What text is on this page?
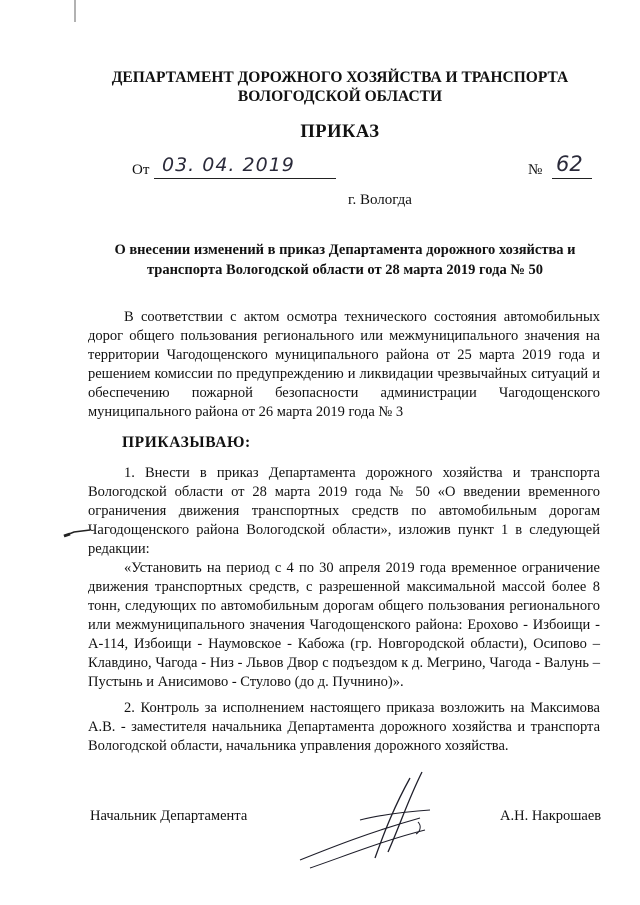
ДЕПАРТАМЕНТ ДОРОЖНОГО ХОЗЯЙСТВА И ТРАНСПОРТА
ВОЛОГОДСКОЙ ОБЛАСТИ
ПРИКАЗ
От 03. 04. 2019	№ 62
г. Вологда
О внесении изменений в приказ Департамента дорожного хозяйства и
транспорта Вологодской области от 28 марта 2019 года № 50
В соответствии с актом осмотра технического состояния автомобильных дорог общего пользования регионального или межмуниципального значения на территории Чагодощенского муниципального района от 25 марта 2019 года и решением комиссии по предупреждению и ликвидации чрезвычайных ситуаций и обеспечению пожарной безопасности администрации Чагодощенского муниципального района от 26 марта 2019 года № 3
ПРИКАЗЫВАЮ:
1. Внести в приказ Департамента дорожного хозяйства и транспорта Вологодской области от 28 марта 2019 года № 50 «О введении временного ограничения движения транспортных средств по автомобильным дорогам Чагодощенского района Вологодской области», изложив пункт 1 в следующей редакции:
«Установить на период с 4 по 30 апреля 2019 года временное ограничение движения транспортных средств, с разрешенной максимальной массой более 8 тонн, следующих по автомобильным дорогам общего пользования регионального или межмуниципального значения Чагодощенского района: Ерохово - Избоищи - А-114, Избоищи - Наумовское - Кабожа (гр. Новгородской области), Осипово – Клавдино, Чагода - Низ - Львов Двор с подъездом к д. Мегрино, Чагода - Валунь – Пустынь и Анисимово - Стулово (до д. Пучнино)».
2. Контроль за исполнением настоящего приказа возложить на Максимова А.В. - заместителя начальника Департамента дорожного хозяйства и транспорта Вологодской области, начальника управления дорожного хозяйства.
Начальник Департамента	А.Н. Накрошаев
